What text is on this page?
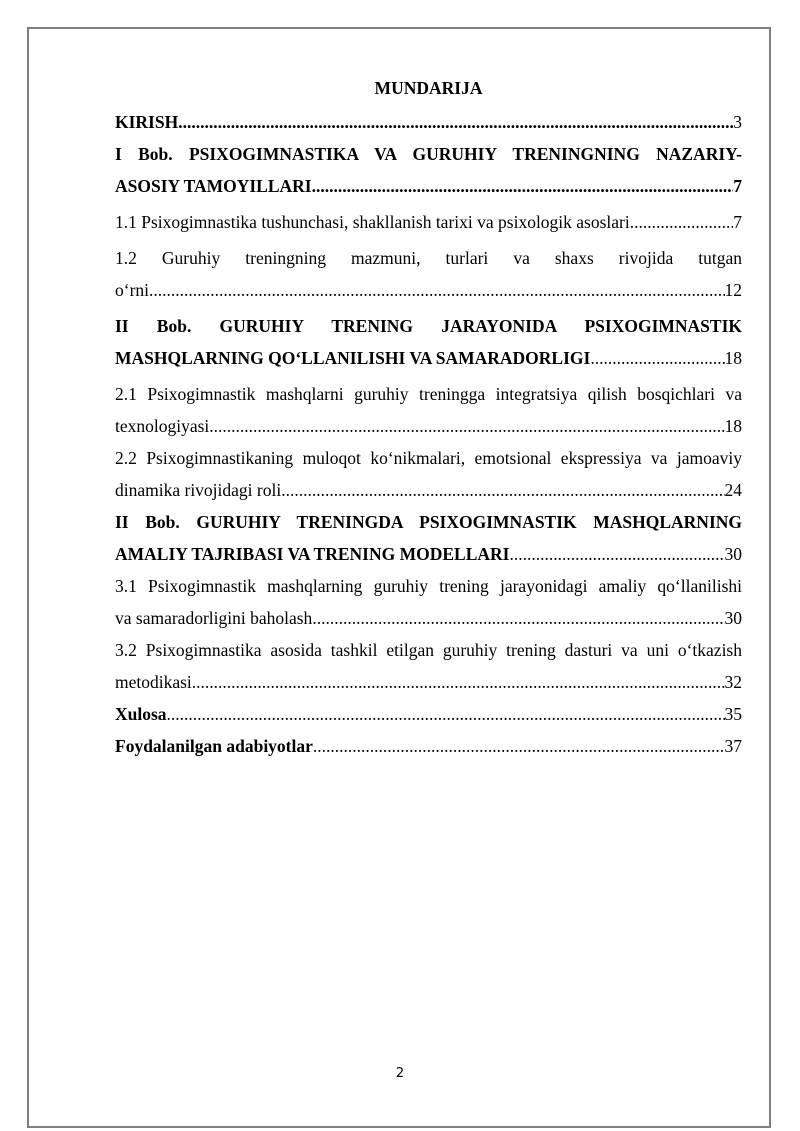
MUNDARIJA
KIRISH .....	3
I Bob. PSIXOGIMNASTIKA VA GURUHIY TRENINGNING NAZARIY-
ASOSIY TAMOYILLARI .....	7
1.1 Psixogimnastika tushunchasi, shakllanish tarixi va psixologik asoslari .....	7
1.2 Guruhiy treningning mazmuni, turlari va shaxs rivojida tutgan
o‘rni .....	12
II Bob. GURUHIY TRENING JARAYONIDA PSIXOGIMNASTIK
MASHQLARNING QO‘LLANILISHI VA SAMARADORLIGI .....	18
2.1 Psixogimnastik mashqlarni guruhiy treningga integratsiya qilish bosqichlari va
texnologiyasi .....	18
2.2 Psixogimnastikaning muloqot ko‘nikmalari, emotsional ekspressiya va jamoaviy
dinamika rivojidagi roli .....	24
II Bob. GURUHIY TRENINGDA PSIXOGIMNASTIK MASHQLARNING
AMALIY TAJRIBASI VA TRENING MODELLARI .....	30
3.1 Psixogimnastik mashqlarning guruhiy trening jarayonidagi amaliy qo‘llanilishi
va samaradorligini baholash .....	30
3.2 Psixogimnastika asosida tashkil etilgan guruhiy trening dasturi va uni o‘tkazish
metodikasi .....	32
Xulosa .....	35
Foydalanilgan adabiyotlar .....	37
2
